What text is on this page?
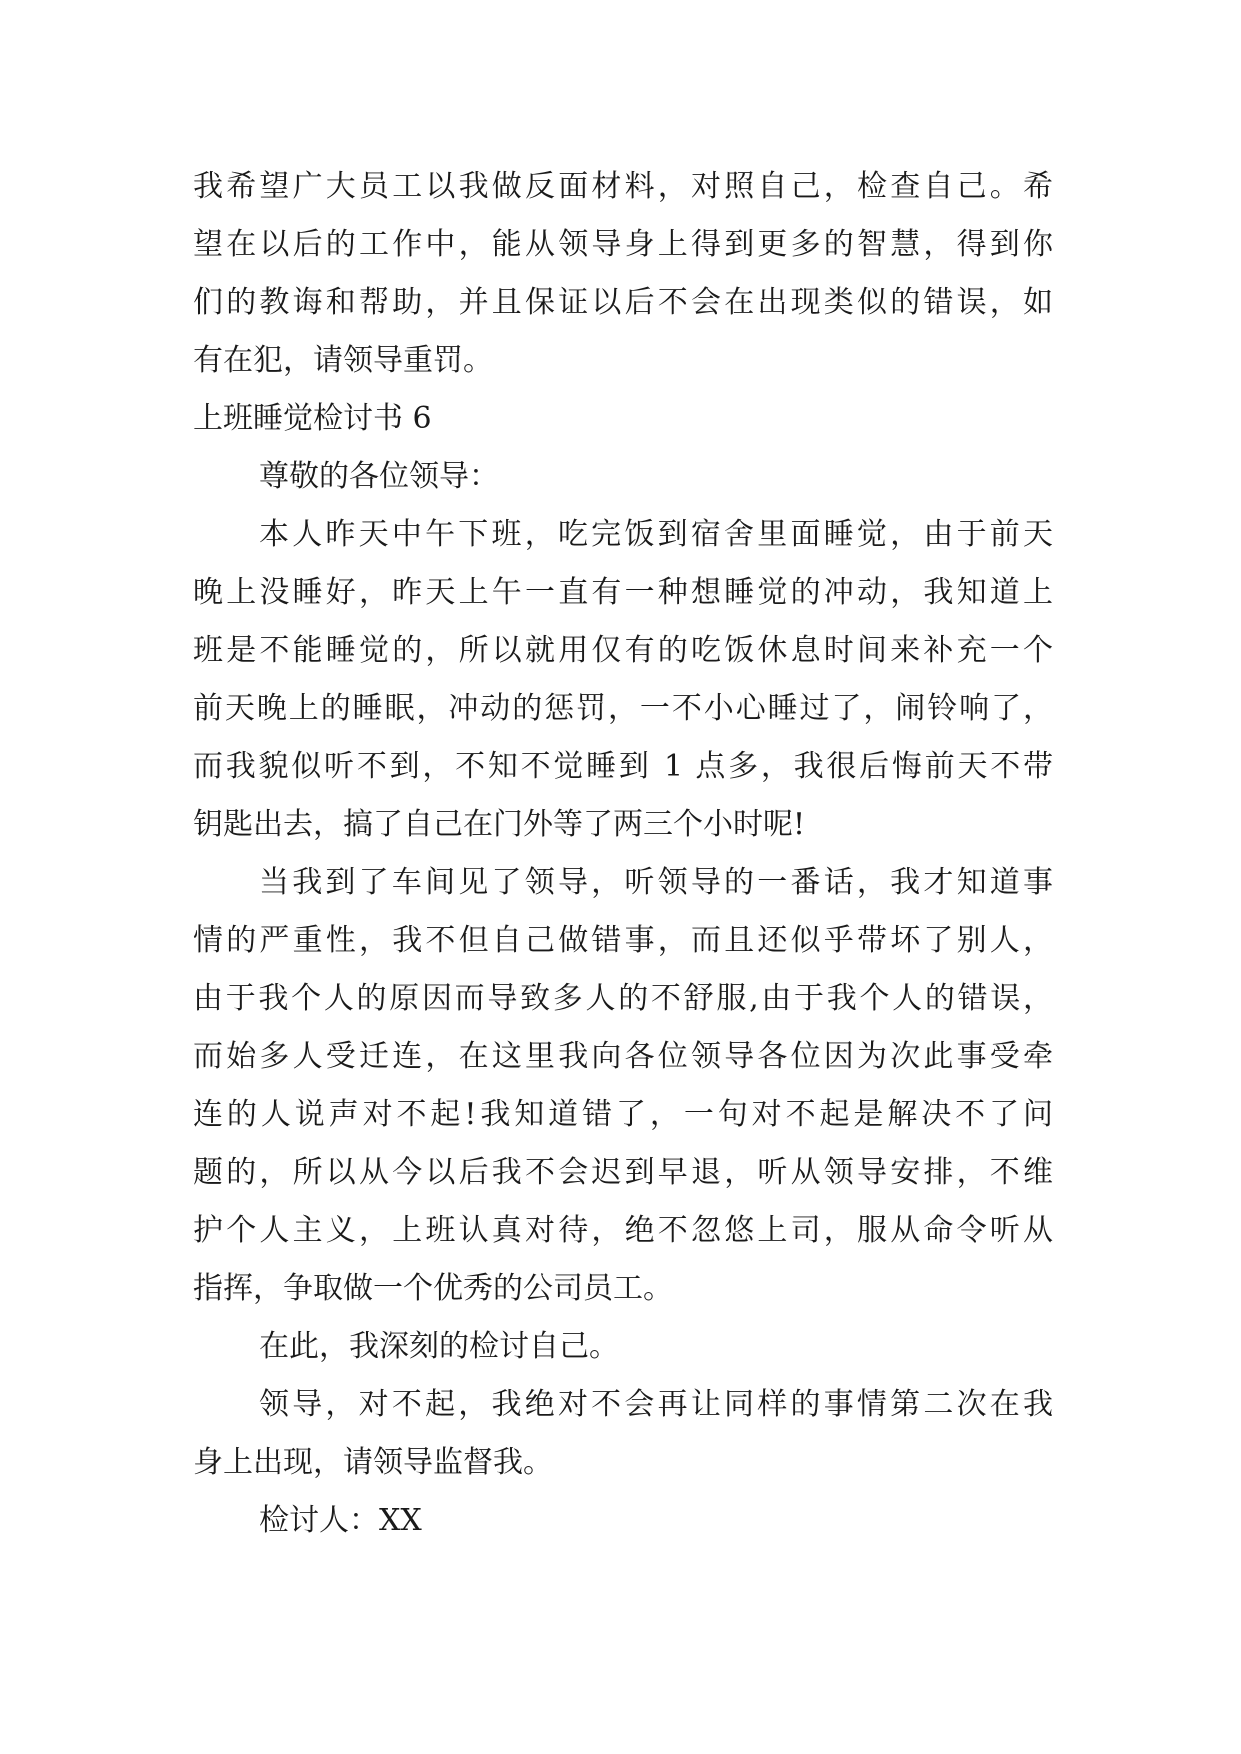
我希望广大员工以我做反面材料，对照自己，检查自己。希
望在以后的工作中，能从领导身上得到更多的智慧，得到你
们的教诲和帮助，并且保证以后不会在出现类似的错误，如
有在犯，请领导重罚。
上班睡觉检讨书 6
尊敬的各位领导：
本人昨天中午下班，吃完饭到宿舍里面睡觉，由于前天
晚上没睡好，昨天上午一直有一种想睡觉的冲动，我知道上
班是不能睡觉的，所以就用仅有的吃饭休息时间来补充一个
前天晚上的睡眠，冲动的惩罚，一不小心睡过了，闹铃响了，
而我貌似听不到，不知不觉睡到 1 点多，我很后悔前天不带
钥匙出去，搞了自己在门外等了两三个小时呢!
当我到了车间见了领导，听领导的一番话，我才知道事
情的严重性，我不但自己做错事，而且还似乎带坏了别人，
由于我个人的原因而导致多人的不舒服,由于我个人的错误，
而始多人受迁连，在这里我向各位领导各位因为次此事受牵
连的人说声对不起!我知道错了，一句对不起是解决不了问
题的，所以从今以后我不会迟到早退，听从领导安排，不维
护个人主义，上班认真对待，绝不忽悠上司，服从命令听从
指挥，争取做一个优秀的公司员工。
在此，我深刻的检讨自己。
领导，对不起，我绝对不会再让同样的事情第二次在我
身上出现，请领导监督我。
检讨人：XX
